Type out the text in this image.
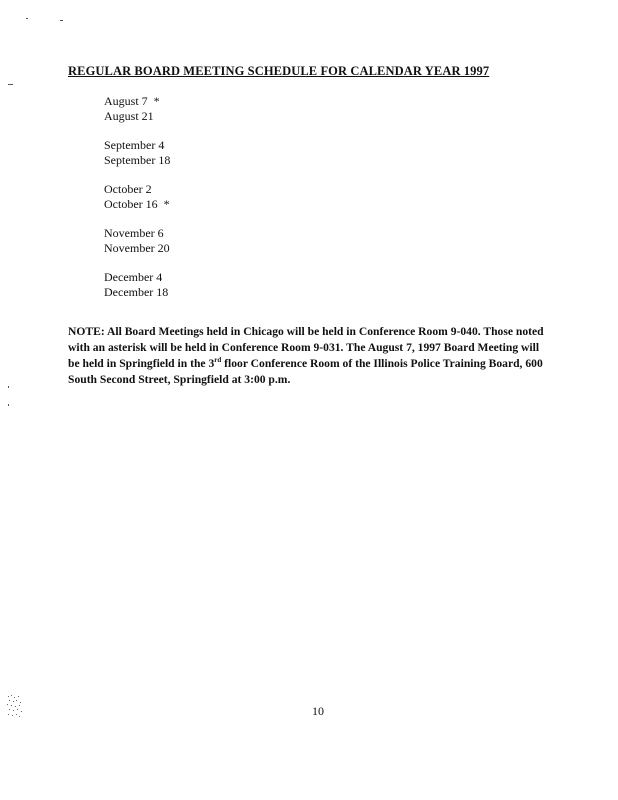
REGULAR BOARD MEETING SCHEDULE FOR CALENDAR YEAR 1997
August 7  *
August 21
September 4
September 18
October 2
October 16  *
November 6
November 20
December 4
December 18
NOTE: All Board Meetings held in Chicago will be held in Conference Room 9-040. Those noted with an asterisk will be held in Conference Room 9-031. The August 7, 1997 Board Meeting will be held in Springfield in the 3rd floor Conference Room of the Illinois Police Training Board, 600 South Second Street, Springfield at 3:00 p.m.
10
